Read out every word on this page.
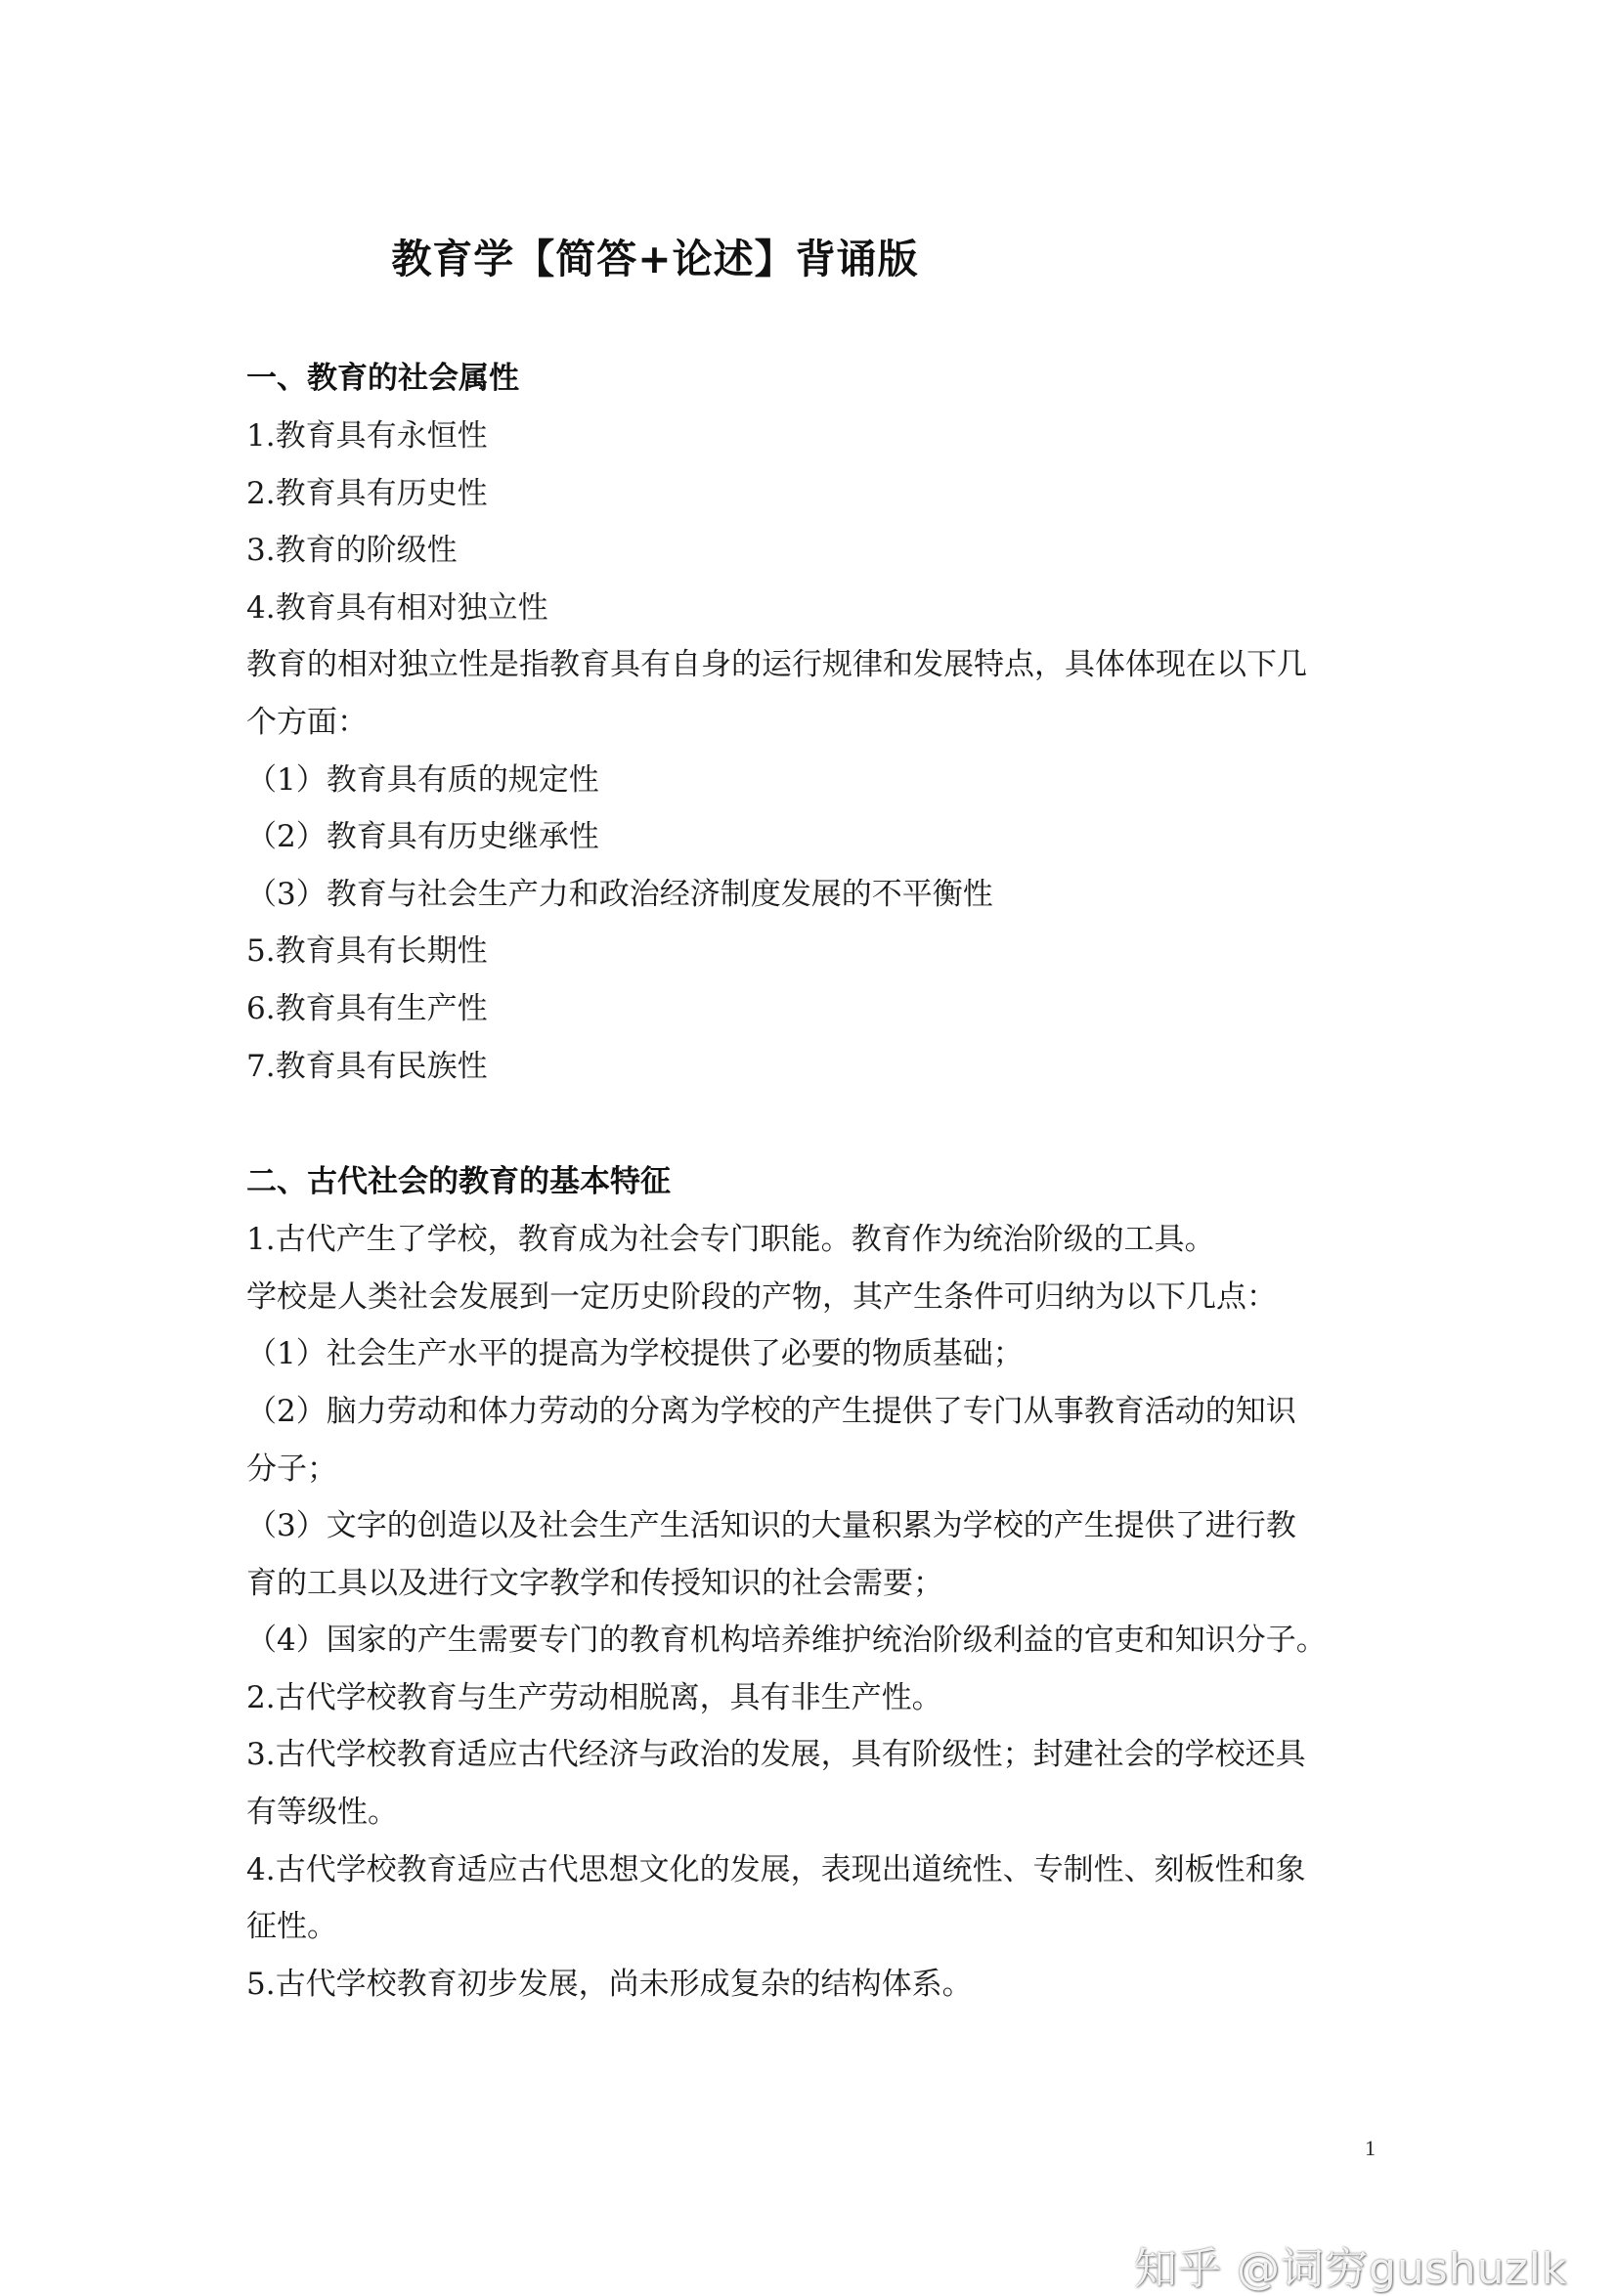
教育学【简答+论述】背诵版
一、教育的社会属性
1.教育具有永恒性
2.教育具有历史性
3.教育的阶级性
4.教育具有相对独立性
教育的相对独立性是指教育具有自身的运行规律和发展特点，具体体现在以下几
个方面：
（1）教育具有质的规定性
（2）教育具有历史继承性
（3）教育与社会生产力和政治经济制度发展的不平衡性
5.教育具有长期性
6.教育具有生产性
7.教育具有民族性
二、古代社会的教育的基本特征
1.古代产生了学校，教育成为社会专门职能。教育作为统治阶级的工具。
学校是人类社会发展到一定历史阶段的产物，其产生条件可归纳为以下几点：
（1）社会生产水平的提高为学校提供了必要的物质基础；
（2）脑力劳动和体力劳动的分离为学校的产生提供了专门从事教育活动的知识
分子；
（3）文字的创造以及社会生产生活知识的大量积累为学校的产生提供了进行教
育的工具以及进行文字教学和传授知识的社会需要；
（4）国家的产生需要专门的教育机构培养维护统治阶级利益的官吏和知识分子。
2.古代学校教育与生产劳动相脱离，具有非生产性。
3.古代学校教育适应古代经济与政治的发展，具有阶级性；封建社会的学校还具
有等级性。
4.古代学校教育适应古代思想文化的发展，表现出道统性、专制性、刻板性和象
征性。
5.古代学校教育初步发展，尚未形成复杂的结构体系。
1
知乎 @词穷gushuzlk
